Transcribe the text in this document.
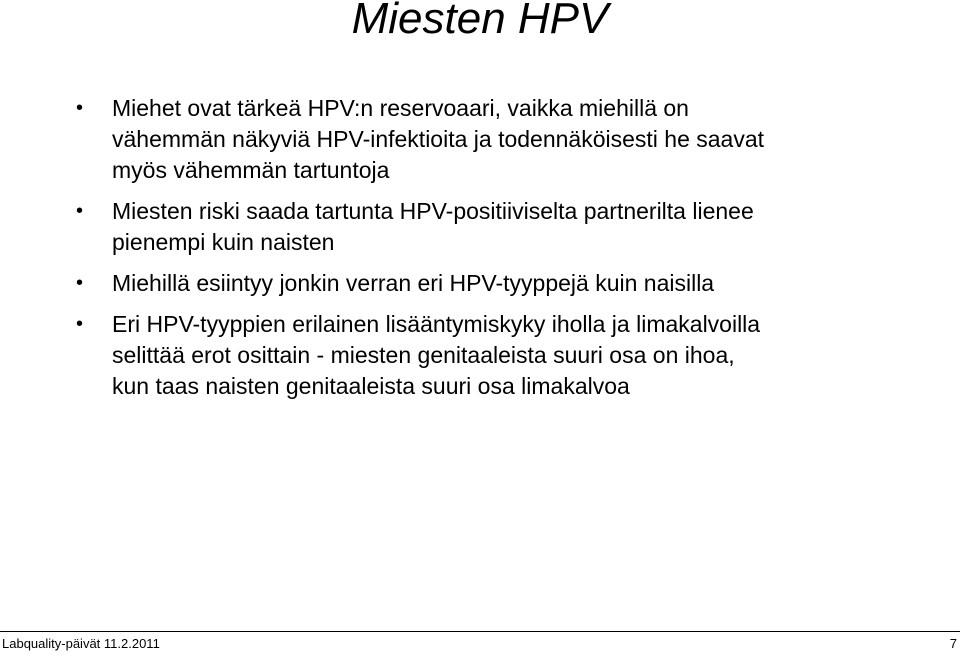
Miesten HPV
• Miehet ovat tärkeä HPV:n reservoaari, vaikka miehillä on
vähemmän näkyviä HPV-infektioita ja todennäköisesti he saavat
myös vähemmän tartuntoja
• Miesten riski saada tartunta HPV-positiiviselta partnerilta lienee
pienempi kuin naisten
• Miehillä esiintyy jonkin verran eri HPV-tyyppejä kuin naisilla
• Eri HPV-tyyppien erilainen lisääntymiskyky iholla ja limakalvoilla
selittää erot osittain - miesten genitaaleista suuri osa on ihoa,
kun taas naisten genitaaleista suuri osa limakalvoa
Labquality-päivät 11.2.2011	7
